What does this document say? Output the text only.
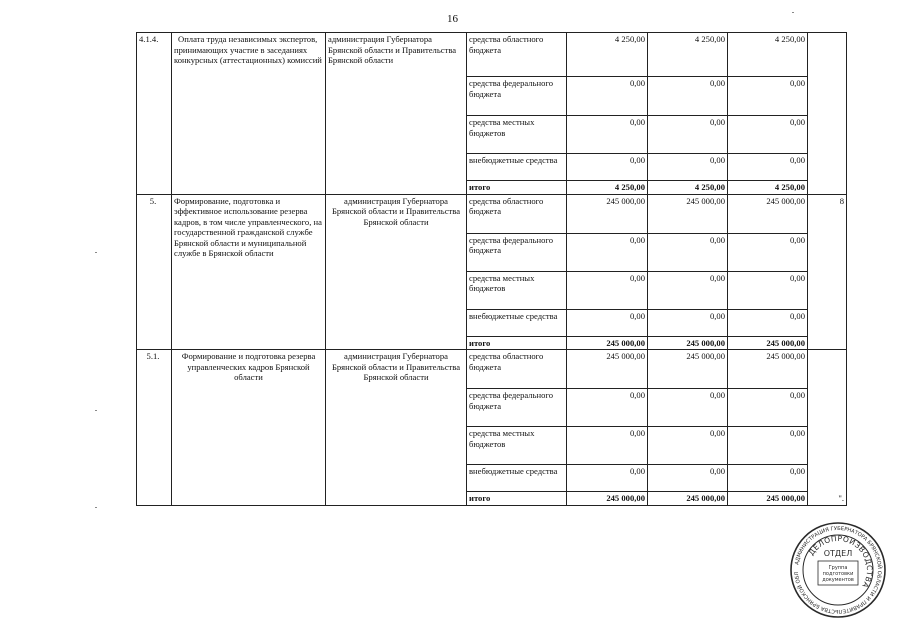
16
4.1.4.	Оплата труда независимых экспертов, принимающих участие в заседаниях конкурсных (аттестационных) комиссий	администрация Губернатора Брянской области и Правительства Брянской области	средства областного бюджета	4 250,00	4 250,00	4 250,00	
			средства федерального бюджета	0,00	0,00	0,00	
			средства местных бюджетов	0,00	0,00	0,00	
			внебюджетные средства	0,00	0,00	0,00	
			итого	4 250,00	4 250,00	4 250,00	
5.	Формирование, подготовка и эффективное использование резерва кадров, в том числе управленческого, на государственной гражданской службе Брянской области и муниципальной службе в Брянской области	администрация Губернатора Брянской области и Правительства Брянской области	средства областного бюджета	245 000,00	245 000,00	245 000,00	8
			средства федерального бюджета	0,00	0,00	0,00	
			средства местных бюджетов	0,00	0,00	0,00	
			внебюджетные средства	0,00	0,00	0,00	
			итого	245 000,00	245 000,00	245 000,00	
5.1.	Формирование и подготовка резерва управленческих кадров Брянской области	администрация Губернатора Брянской области и Правительства Брянской области	средства областного бюджета	245 000,00	245 000,00	245 000,00	".
			средства федерального бюджета	0,00	0,00	0,00	
			средства местных бюджетов	0,00	0,00	0,00	
			внебюджетные средства	0,00	0,00	0,00	
			итого	245 000,00	245 000,00	245 000,00	
АДМИНИСТРАЦИЯ ГУБЕРНАТОРА БРЯНСКОЙ ОБЛАСТИ И ПРАВИТЕЛЬСТВА БРЯНСКОЙ ОБЛ
ДЕЛОПРОИЗВОДСТВА
ОТДЕЛ
Группа
подготовки
документов
